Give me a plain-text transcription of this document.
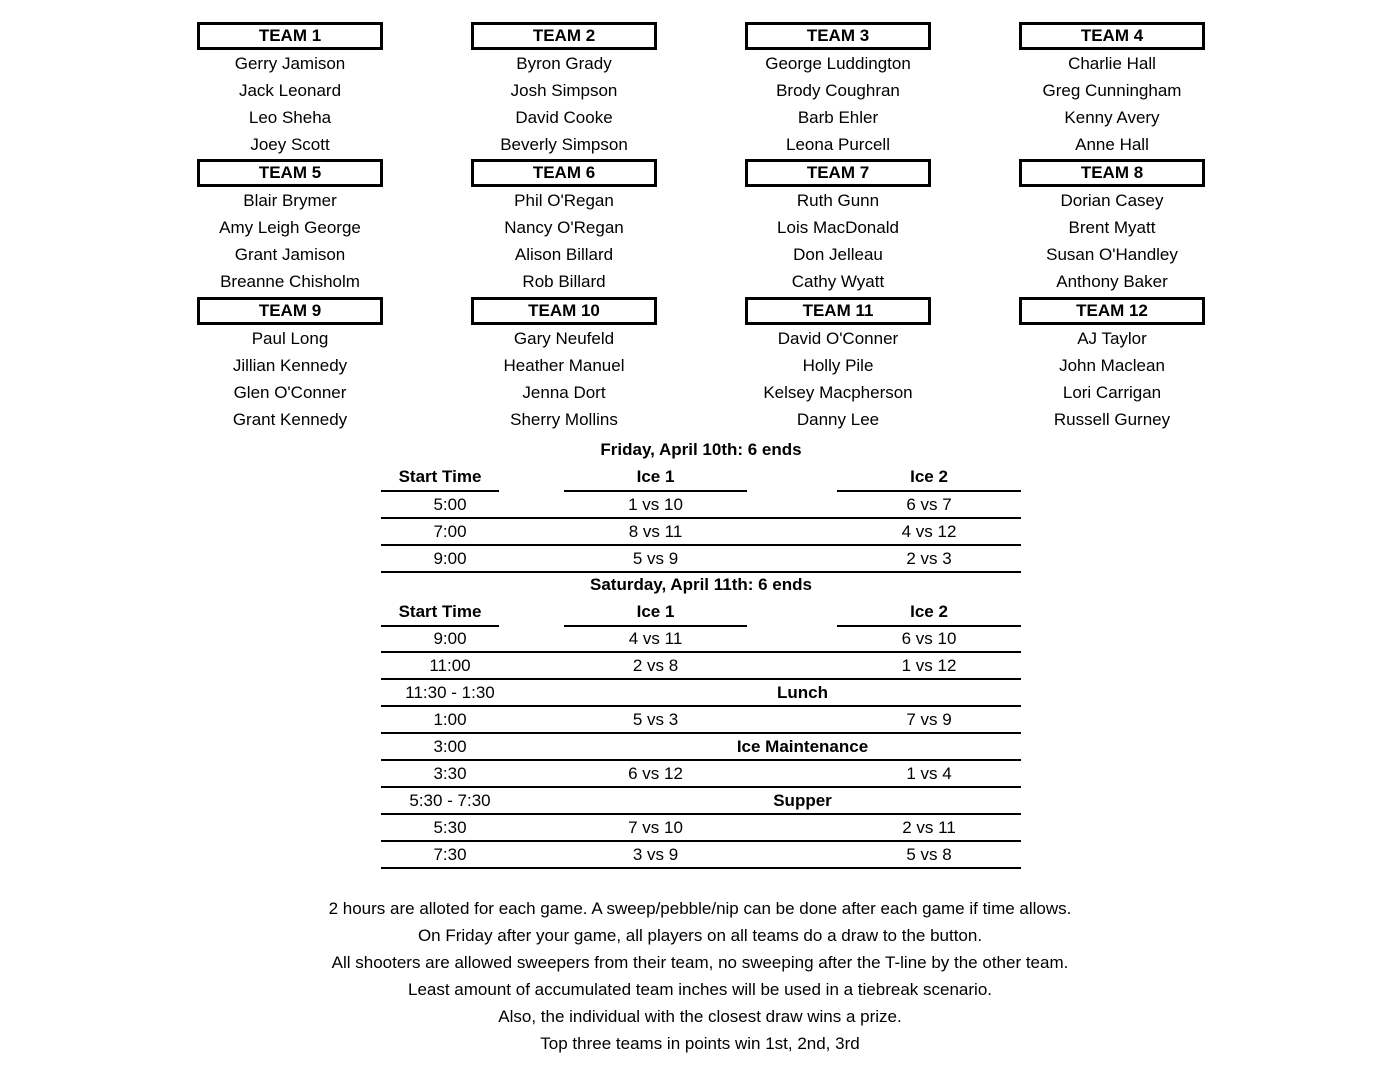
TEAM 1
Gerry Jamison
Jack Leonard
Leo Sheha
Joey Scott
TEAM 2
Byron Grady
Josh Simpson
David Cooke
Beverly Simpson
TEAM 3
George Luddington
Brody Coughran
Barb Ehler
Leona Purcell
TEAM 4
Charlie Hall
Greg Cunningham
Kenny Avery
Anne Hall
TEAM 5
Blair Brymer
Amy Leigh George
Grant Jamison
Breanne Chisholm
TEAM 6
Phil O'Regan
Nancy O'Regan
Alison Billard
Rob Billard
TEAM 7
Ruth Gunn
Lois MacDonald
Don Jelleau
Cathy Wyatt
TEAM 8
Dorian Casey
Brent Myatt
Susan O'Handley
Anthony Baker
TEAM 9
Paul Long
Jillian Kennedy
Glen O'Conner
Grant Kennedy
TEAM 10
Gary Neufeld
Heather Manuel
Jenna Dort
Sherry Mollins
TEAM 11
David O'Conner
Holly Pile
Kelsey Macpherson
Danny Lee
TEAM 12
AJ Taylor
John Maclean
Lori Carrigan
Russell Gurney
Friday, April 10th: 6 ends
Start Time	Ice 1	Ice 2
5:00	1 vs 10	6 vs 7
7:00	8 vs 11	4 vs 12
9:00	5 vs 9	2 vs 3
Saturday, April 11th: 6 ends
Start Time	Ice 1	Ice 2
9:00	4 vs 11	6 vs 10
11:00	2 vs 8	1 vs 12
11:30 - 1:30	Lunch
1:00	5 vs 3	7 vs 9
3:00	Ice Maintenance
3:30	6 vs 12	1 vs 4
5:30 - 7:30	Supper
5:30	7 vs 10	2 vs 11
7:30	3 vs 9	5 vs 8
2 hours are alloted for each game. A sweep/pebble/nip can be done after each game if time allows.
On Friday after your game, all players on all teams do a draw to the button.
All shooters are allowed sweepers from their team, no sweeping after the T-line by the other team.
Least amount of accumulated team inches will be used in a tiebreak scenario.
Also, the individual with the closest draw wins a prize.
Top three teams in points win 1st, 2nd, 3rd
